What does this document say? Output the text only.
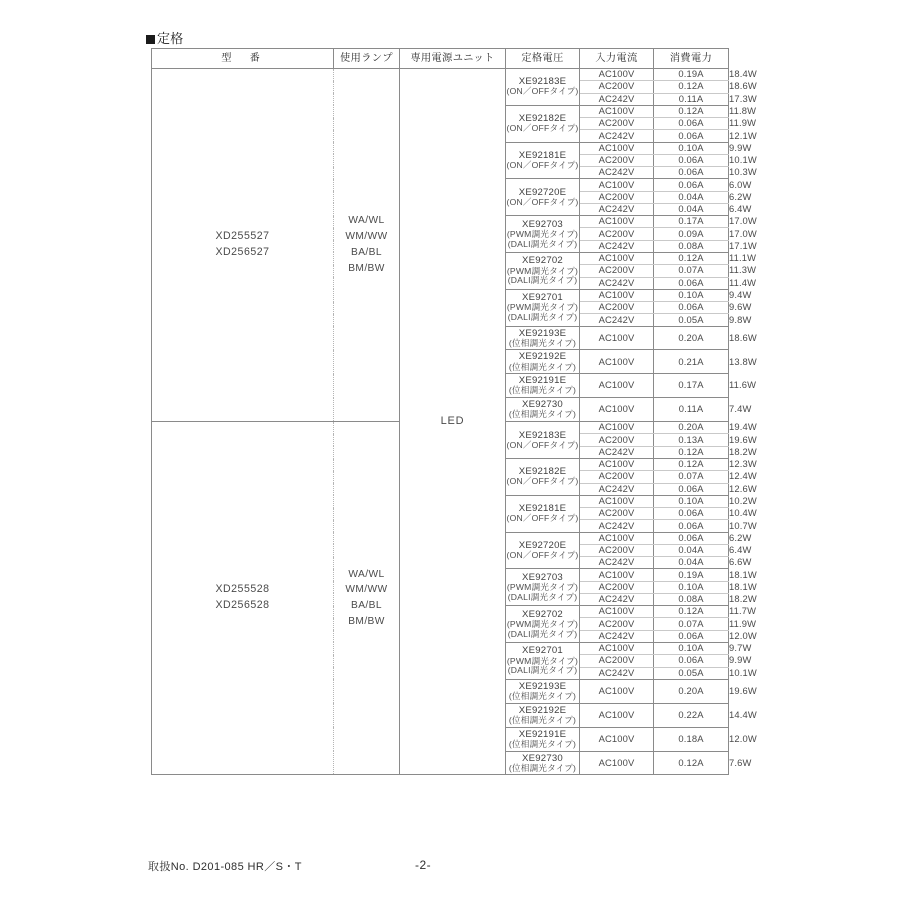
定格
型　番	使用ランプ	専用電源ユニット	定格電圧	入力電流	消費電力	

XD255527
XD256527	WA/WL
WM/WW
BA/BL
BM/BW	LED	XE92183E
(ON／OFFタイプ)	AC100V	0.19A	18.4W
				AC200V	0.12A	18.6W
				AC242V	0.11A	17.3W

			XE92182E
(ON／OFFタイプ)	AC100V	0.12A	11.8W
				AC200V	0.06A	11.9W
				AC242V	0.06A	12.1W

			XE92181E
(ON／OFFタイプ)	AC100V	0.10A	9.9W
				AC200V	0.06A	10.1W
				AC242V	0.06A	10.3W

			XE92720E
(ON／OFFタイプ)	AC100V	0.06A	6.0W
				AC200V	0.04A	6.2W
				AC242V	0.04A	6.4W

			XE92703
(PWM調光タイプ)
(DALI調光タイプ)	AC100V	0.17A	17.0W
				AC200V	0.09A	17.0W
				AC242V	0.08A	17.1W

			XE92702
(PWM調光タイプ)
(DALI調光タイプ)	AC100V	0.12A	11.1W
				AC200V	0.07A	11.3W
				AC242V	0.06A	11.4W

			XE92701
(PWM調光タイプ)
(DALI調光タイプ)	AC100V	0.10A	9.4W
				AC200V	0.06A	9.6W
				AC242V	0.05A	9.8W

			XE92193E
(位相調光タイプ)	AC100V	0.20A	18.6W

			XE92192E
(位相調光タイプ)	AC100V	0.21A	13.8W

			XE92191E
(位相調光タイプ)	AC100V	0.17A	11.6W

			XE92730
(位相調光タイプ)	AC100V	0.11A	7.4W

XD255528
XD256528	WA/WL
WM/WW
BA/BL
BM/BW		XE92183E
(ON／OFFタイプ)	AC100V	0.20A	19.4W
				AC200V	0.13A	19.6W
				AC242V	0.12A	18.2W

			XE92182E
(ON／OFFタイプ)	AC100V	0.12A	12.3W
				AC200V	0.07A	12.4W
				AC242V	0.06A	12.6W

			XE92181E
(ON／OFFタイプ)	AC100V	0.10A	10.2W
				AC200V	0.06A	10.4W
				AC242V	0.06A	10.7W

			XE92720E
(ON／OFFタイプ)	AC100V	0.06A	6.2W
				AC200V	0.04A	6.4W
				AC242V	0.04A	6.6W

			XE92703
(PWM調光タイプ)
(DALI調光タイプ)	AC100V	0.19A	18.1W
				AC200V	0.10A	18.1W
				AC242V	0.08A	18.2W

			XE92702
(PWM調光タイプ)
(DALI調光タイプ)	AC100V	0.12A	11.7W
				AC200V	0.07A	11.9W
				AC242V	0.06A	12.0W

			XE92701
(PWM調光タイプ)
(DALI調光タイプ)	AC100V	0.10A	9.7W
				AC200V	0.06A	9.9W
				AC242V	0.05A	10.1W

			XE92193E
(位相調光タイプ)	AC100V	0.20A	19.6W

			XE92192E
(位相調光タイプ)	AC100V	0.22A	14.4W

			XE92191E
(位相調光タイプ)	AC100V	0.18A	12.0W

			XE92730
(位相調光タイプ)	AC100V	0.12A	7.6W
取扱No. D201-085 HR／S・T	-2-
